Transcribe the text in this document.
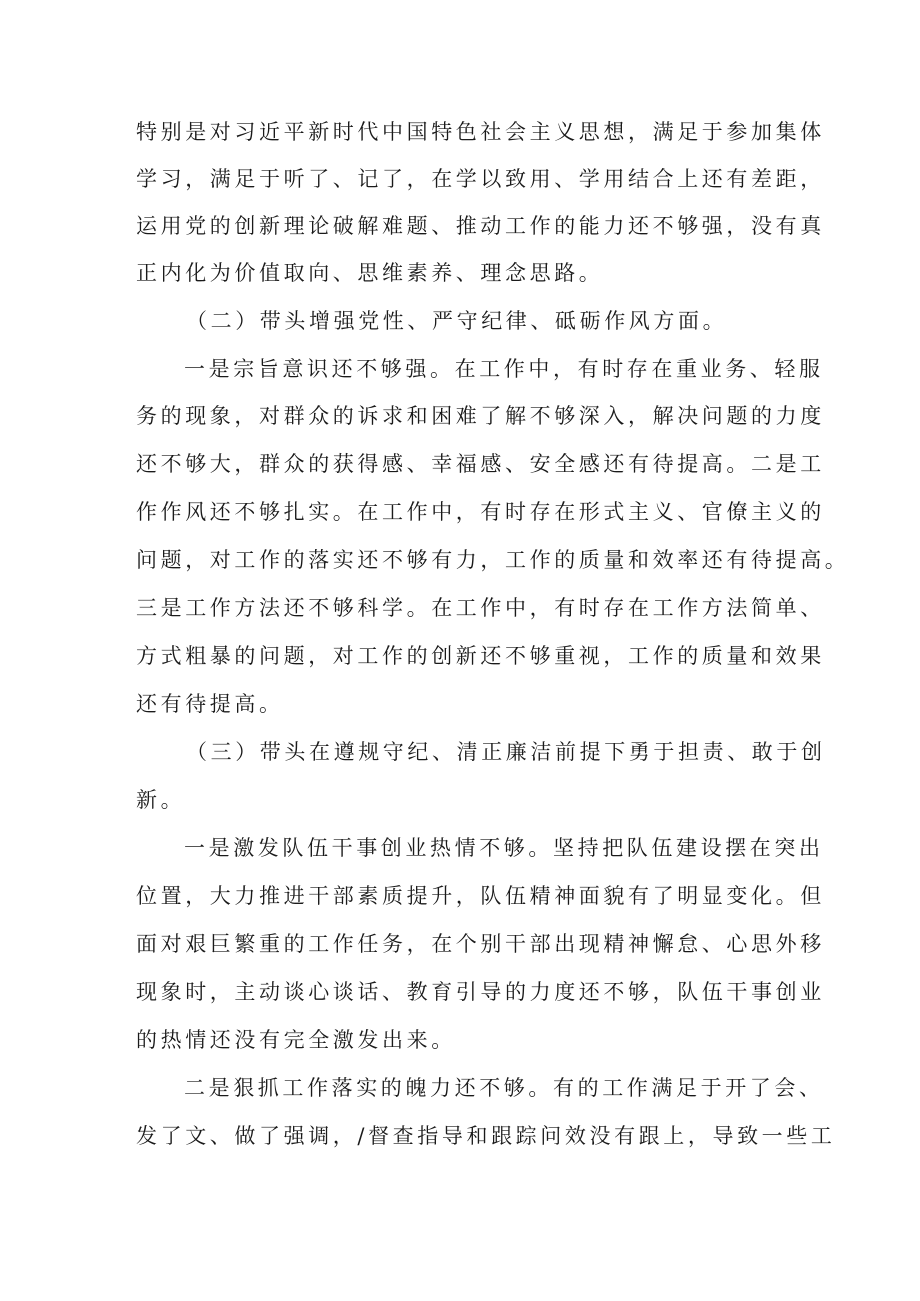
特别是对习近平新时代中国特色社会主义思想，满足于参加集体
学习，满足于听了、记了，在学以致用、学用结合上还有差距，
运用党的创新理论破解难题、推动工作的能力还不够强，没有真
正内化为价值取向、思维素养、理念思路。
（二）带头增强党性、严守纪律、砥砺作风方面。
一是宗旨意识还不够强。在工作中，有时存在重业务、轻服
务的现象，对群众的诉求和困难了解不够深入，解决问题的力度
还不够大，群众的获得感、幸福感、安全感还有待提高。二是工
作作风还不够扎实。在工作中，有时存在形式主义、官僚主义的
问题，对工作的落实还不够有力，工作的质量和效率还有待提高。
三是工作方法还不够科学。在工作中，有时存在工作方法简单、
方式粗暴的问题，对工作的创新还不够重视，工作的质量和效果
还有待提高。
（三）带头在遵规守纪、清正廉洁前提下勇于担责、敢于创
新。
一是激发队伍干事创业热情不够。坚持把队伍建设摆在突出
位置，大力推进干部素质提升，队伍精神面貌有了明显变化。但
面对艰巨繁重的工作任务，在个别干部出现精神懈怠、心思外移
现象时，主动谈心谈话、教育引导的力度还不够，队伍干事创业
的热情还没有完全激发出来。
二是狠抓工作落实的魄力还不够。有的工作满足于开了会、
发了文、做了强调，/督查指导和跟踪问效没有跟上，导致一些工
